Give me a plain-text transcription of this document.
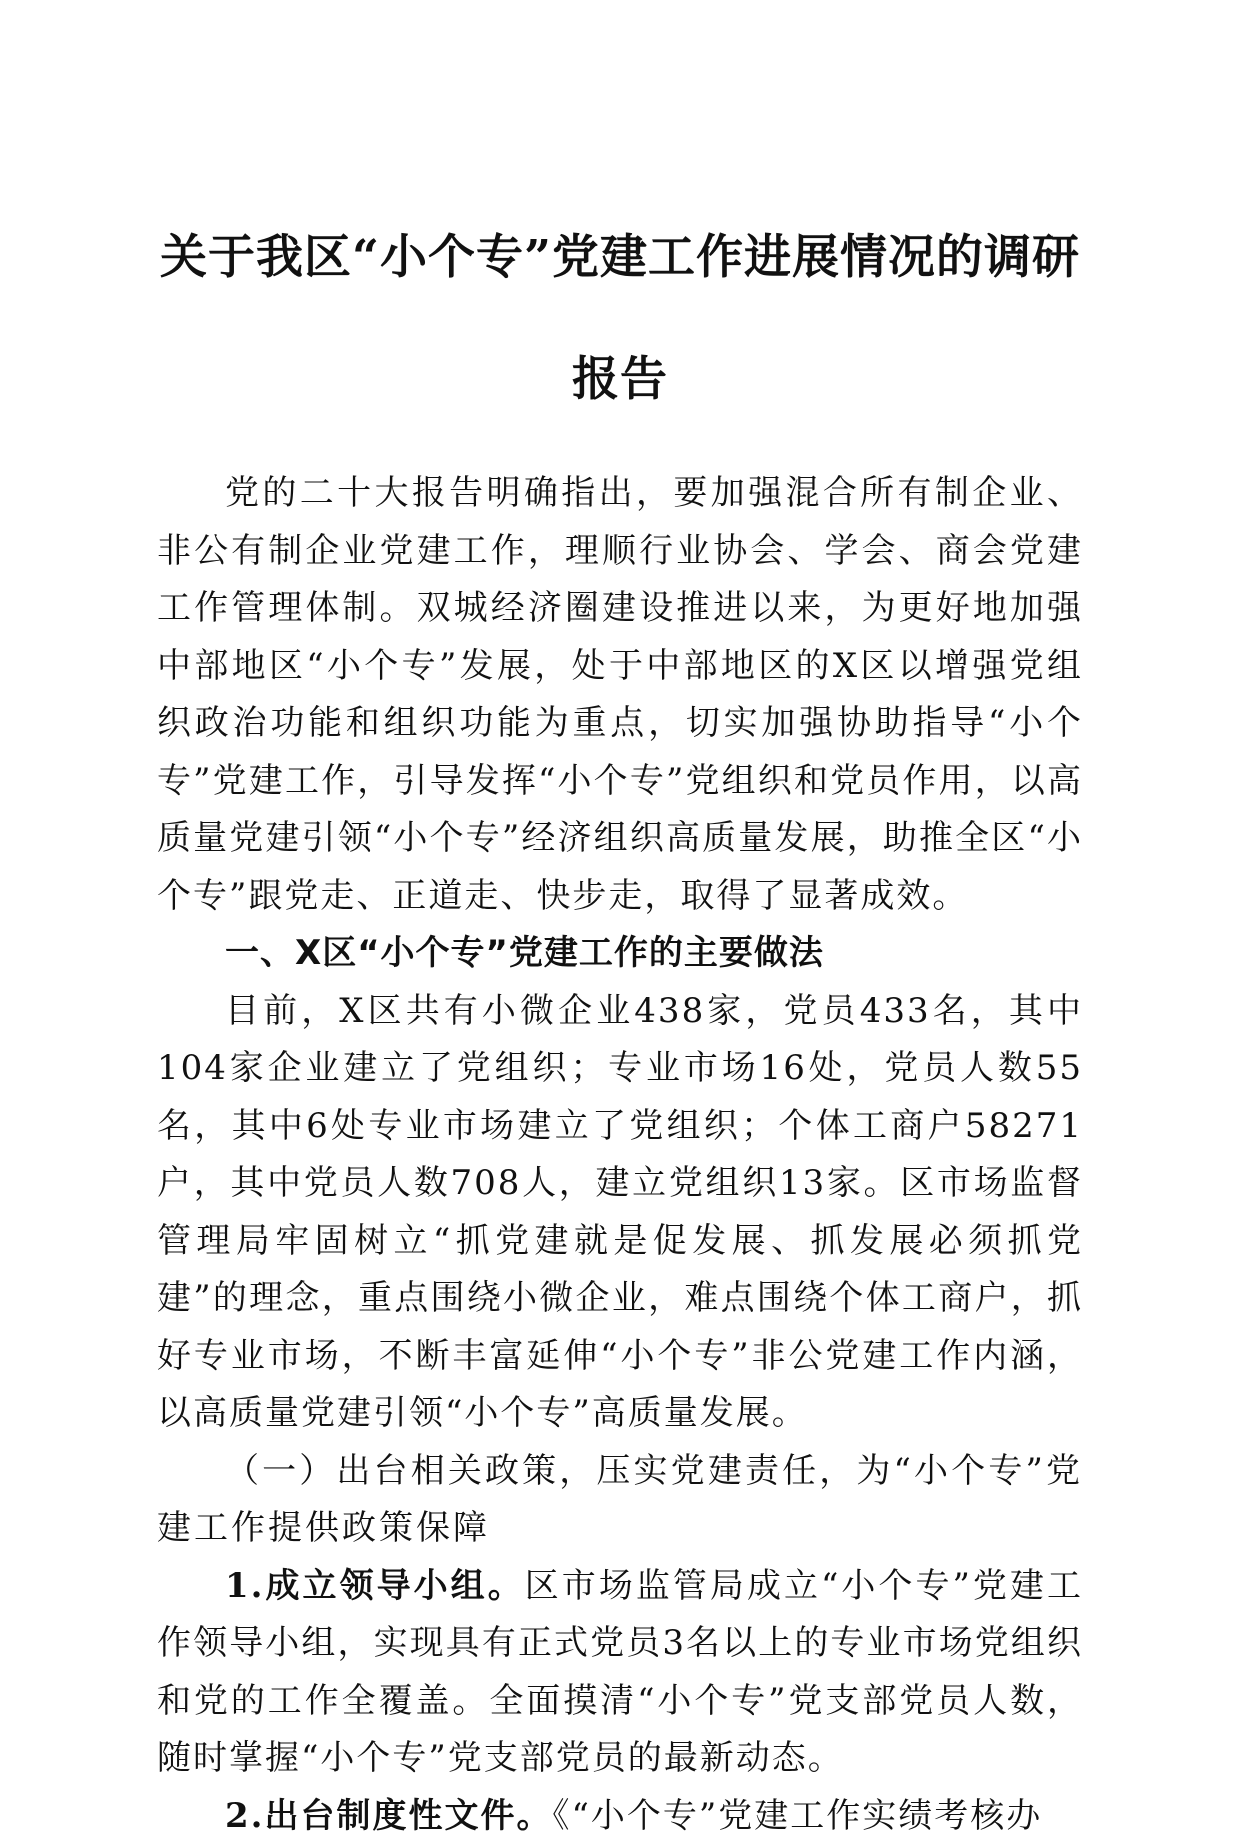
关于我区“小个专”党建工作进展情况的调研
报告

党的二十大报告明确指出，要加强混合所有制企业、非公有制企业党建工作，理顺行业协会、学会、商会党建工作管理体制。双城经济圈建设推进以来，为更好地加强中部地区“小个专”发展，处于中部地区的X区以增强党组织政治功能和组织功能为重点，切实加强协助指导“小个专”党建工作，引导发挥“小个专”党组织和党员作用，以高质量党建引领“小个专”经济组织高质量发展，助推全区“小个专”跟党走、正道走、快步走，取得了显著成效。

一、X区“小个专”党建工作的主要做法

目前，X区共有小微企业438家，党员433名，其中104家企业建立了党组织；专业市场16处，党员人数55名，其中6处专业市场建立了党组织；个体工商户58271户，其中党员人数708人，建立党组织13家。区市场监督管理局牢固树立“抓党建就是促发展、抓发展必须抓党建”的理念，重点围绕小微企业，难点围绕个体工商户，抓好专业市场，不断丰富延伸“小个专”非公党建工作内涵，以高质量党建引领“小个专”高质量发展。

（一）出台相关政策，压实党建责任，为“小个专”党建工作提供政策保障

1.成立领导小组。区市场监管局成立“小个专”党建工作领导小组，实现具有正式党员3名以上的专业市场党组织和党的工作全覆盖。全面摸清“小个专”党支部党员人数，随时掌握“小个专”党支部党员的最新动态。

2.出台制度性文件。《“小个专”党建工作实绩考核办
